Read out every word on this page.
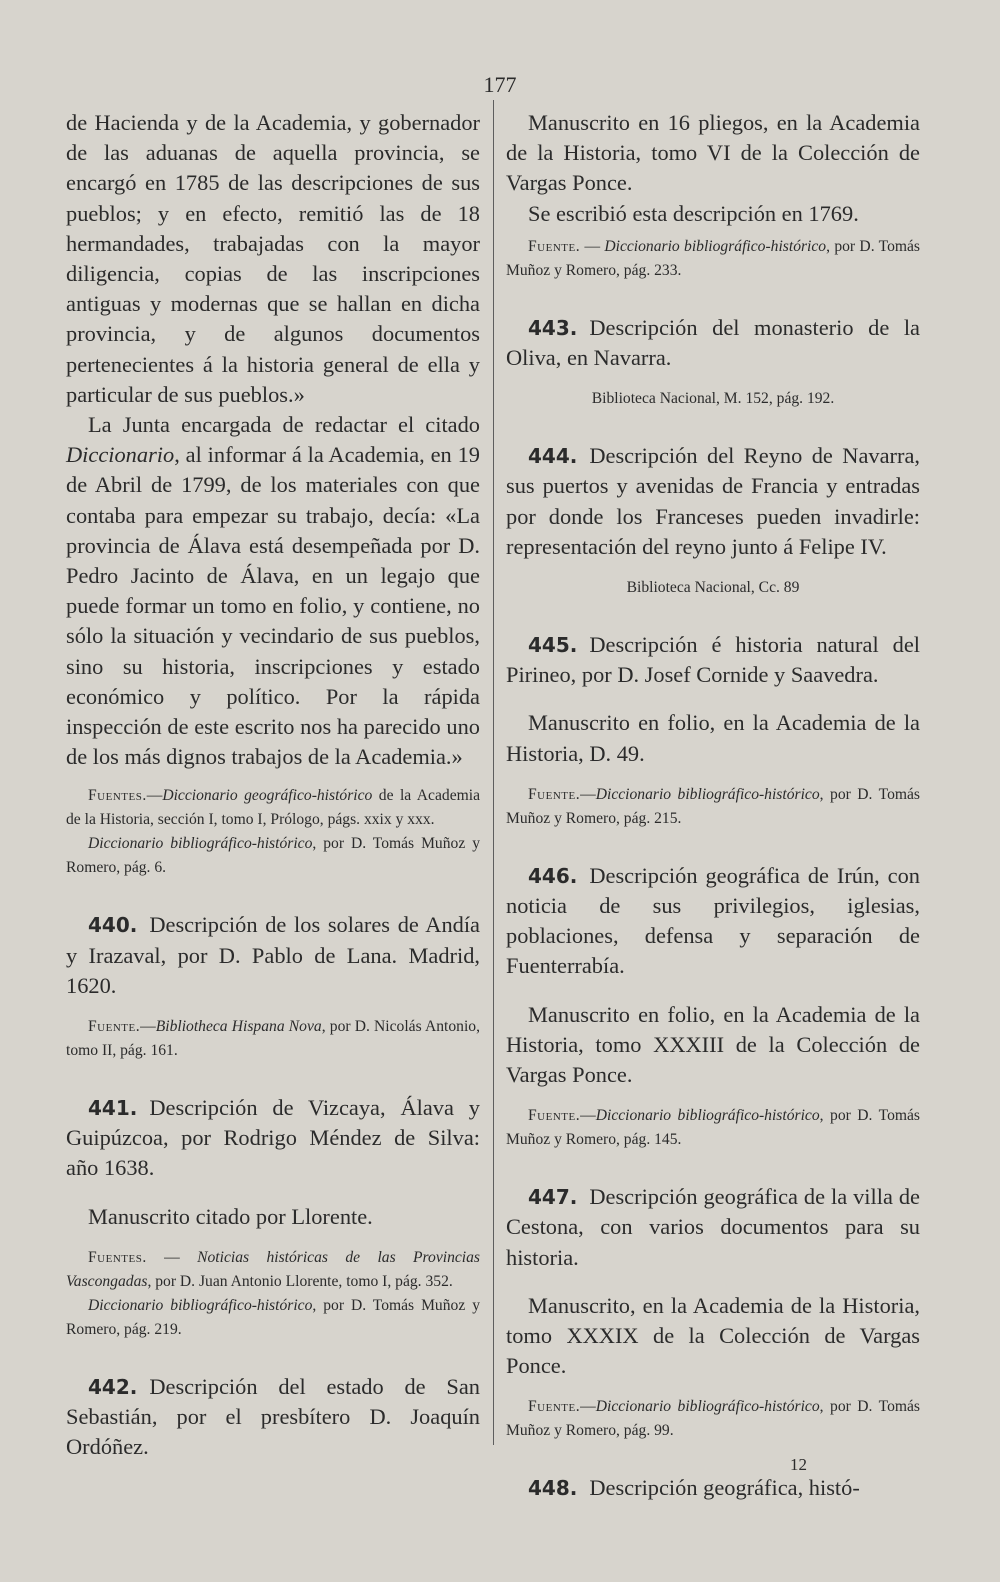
177

de Hacienda y de la Academia, y gobernador de las aduanas de aquella provincia, se encargó en 1785 de las descripciones de sus pueblos; y en efecto, remitió las de 18 hermandades, trabajadas con la mayor diligencia, copias de las inscripciones antiguas y modernas que se hallan en dicha provincia, y de algunos documentos pertenecientes á la historia general de ella y particular de sus pueblos.»

La Junta encargada de redactar el citado Diccionario, al informar á la Academia, en 19 de Abril de 1799, de los materiales con que contaba para empezar su trabajo, decía: «La provincia de Álava está desempeñada por D. Pedro Jacinto de Álava, en un legajo que puede formar un tomo en folio, y contiene, no sólo la situación y vecindario de sus pueblos, sino su historia, inscripciones y estado económico y político. Por la rápida inspección de este escrito nos ha parecido uno de los más dignos trabajos de la Academia.»

Fuentes.—Diccionario geográfico-histórico de la Academia de la Historia, sección I, tomo I, Prólogo, págs. xxix y xxx.

Diccionario bibliográfico-histórico, por D. Tomás Muñoz y Romero, pág. 6.

440. Descripción de los solares de Andía y Irazaval, por D. Pablo de Lana. Madrid, 1620.

Fuente.—Bibliotheca Hispana Nova, por D. Nicolás Antonio, tomo II, pág. 161.

441. Descripción de Vizcaya, Álava y Guipúzcoa, por Rodrigo Méndez de Silva: año 1638.

Manuscrito citado por Llorente.

Fuentes. — Noticias históricas de las Provincias Vascongadas, por D. Juan Antonio Llorente, tomo I, pág. 352.

Diccionario bibliográfico-histórico, por D. Tomás Muñoz y Romero, pág. 219.

442. Descripción del estado de San Sebastián, por el presbítero D. Joaquín Ordóñez.

Manuscrito en 16 pliegos, en la Academia de la Historia, tomo VI de la Colección de Vargas Ponce.

Se escribió esta descripción en 1769.

Fuente. — Diccionario bibliográfico-histórico, por D. Tomás Muñoz y Romero, pág. 233.

443. Descripción del monasterio de la Oliva, en Navarra.

Biblioteca Nacional, M. 152, pág. 192.

444. Descripción del Reyno de Navarra, sus puertos y avenidas de Francia y entradas por donde los Franceses pueden invadirle: representación del reyno junto á Felipe IV.

Biblioteca Nacional, Cc. 89

445. Descripción é historia natural del Pirineo, por D. Josef Cornide y Saavedra.

Manuscrito en folio, en la Academia de la Historia, D. 49.

Fuente.—Diccionario bibliográfico-histórico, por D. Tomás Muñoz y Romero, pág. 215.

446. Descripción geográfica de Irún, con noticia de sus privilegios, iglesias, poblaciones, defensa y separación de Fuenterrabía.

Manuscrito en folio, en la Academia de la Historia, tomo XXXIII de la Colección de Vargas Ponce.

Fuente.—Diccionario bibliográfico-histórico, por D. Tomás Muñoz y Romero, pág. 145.

447. Descripción geográfica de la villa de Cestona, con varios documentos para su historia.

Manuscrito, en la Academia de la Historia, tomo XXXIX de la Colección de Vargas Ponce.

Fuente.—Diccionario bibliográfico-histórico, por D. Tomás Muñoz y Romero, pág. 99.

448. Descripción geográfica, histó-

12
